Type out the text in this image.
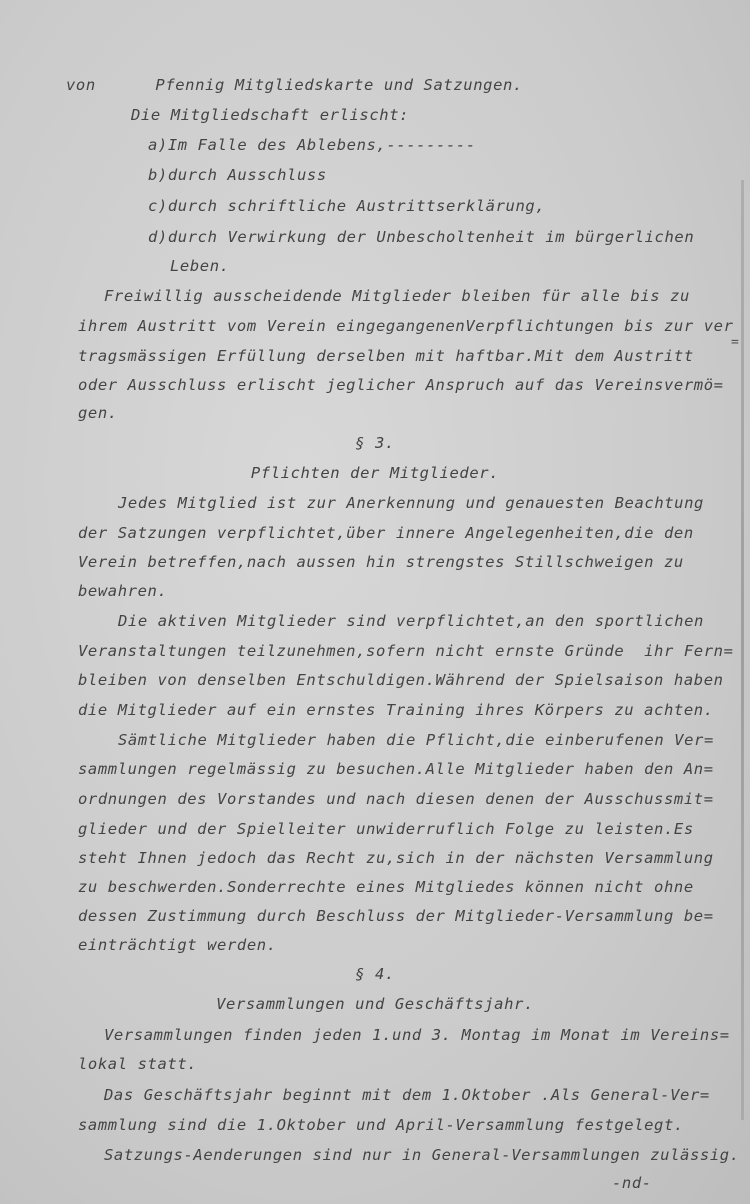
=
von      Pfennig Mitgliedskarte und Satzungen.
Die Mitgliedschaft erlischt:
a)Im Falle des Ablebens,---------
b)durch Ausschluss
c)durch schriftliche Austrittserklärung,
d)durch Verwirkung der Unbescholtenheit im bürgerlichen
Leben.
Freiwillig ausscheidende Mitglieder bleiben für alle bis zu
ihrem Austritt vom Verein eingegangenenVerpflichtungen bis zur ver
tragsmässigen Erfüllung derselben mit haftbar.Mit dem Austritt
oder Ausschluss erlischt jeglicher Anspruch auf das Vereinsvermö=
gen.
§ 3.
Pflichten der Mitglieder.
Jedes Mitglied ist zur Anerkennung und genauesten Beachtung
der Satzungen verpflichtet,über innere Angelegenheiten,die den
Verein betreffen,nach aussen hin strengstes Stillschweigen zu
bewahren.
Die aktiven Mitglieder sind verpflichtet,an den sportlichen
Veranstaltungen teilzunehmen,sofern nicht ernste Gründe  ihr Fern=
bleiben von denselben Entschuldigen.Während der Spielsaison haben
die Mitglieder auf ein ernstes Training ihres Körpers zu achten.
Sämtliche Mitglieder haben die Pflicht,die einberufenen Ver=
sammlungen regelmässig zu besuchen.Alle Mitglieder haben den An=
ordnungen des Vorstandes und nach diesen denen der Ausschussmit=
glieder und der Spielleiter unwiderruflich Folge zu leisten.Es
steht Ihnen jedoch das Recht zu,sich in der nächsten Versammlung
zu beschwerden.Sonderrechte eines Mitgliedes können nicht ohne
dessen Zustimmung durch Beschluss der Mitglieder-Versammlung be=
einträchtigt werden.
§ 4.
Versammlungen und Geschäftsjahr.
Versammlungen finden jeden 1.und 3. Montag im Monat im Vereins=
lokal statt.
Das Geschäftsjahr beginnt mit dem 1.Oktober .Als General-Ver=
sammlung sind die 1.Oktober und April-Versammlung festgelegt.
Satzungs-Aenderungen sind nur in General-Versammlungen zulässig.
-nd-
